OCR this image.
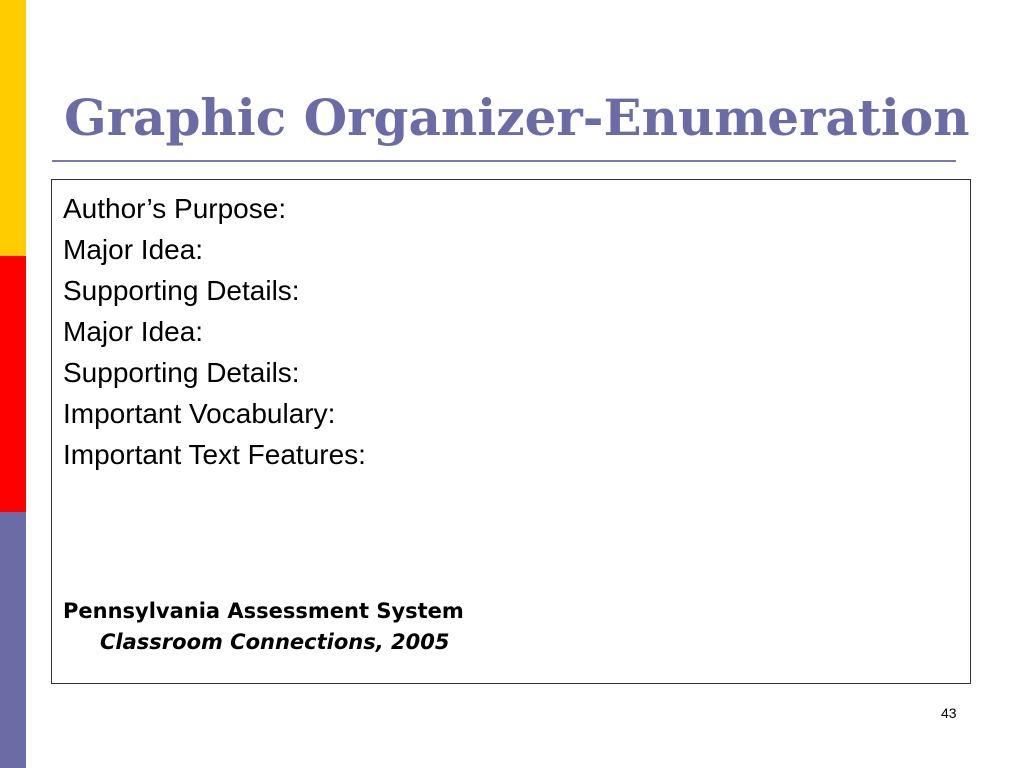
Graphic Organizer-Enumeration
Author’s Purpose:
Major Idea:
Supporting Details:
Major Idea:
Supporting Details:
Important Vocabulary:
Important Text Features:
Pennsylvania Assessment System
Classroom Connections, 2005
43
